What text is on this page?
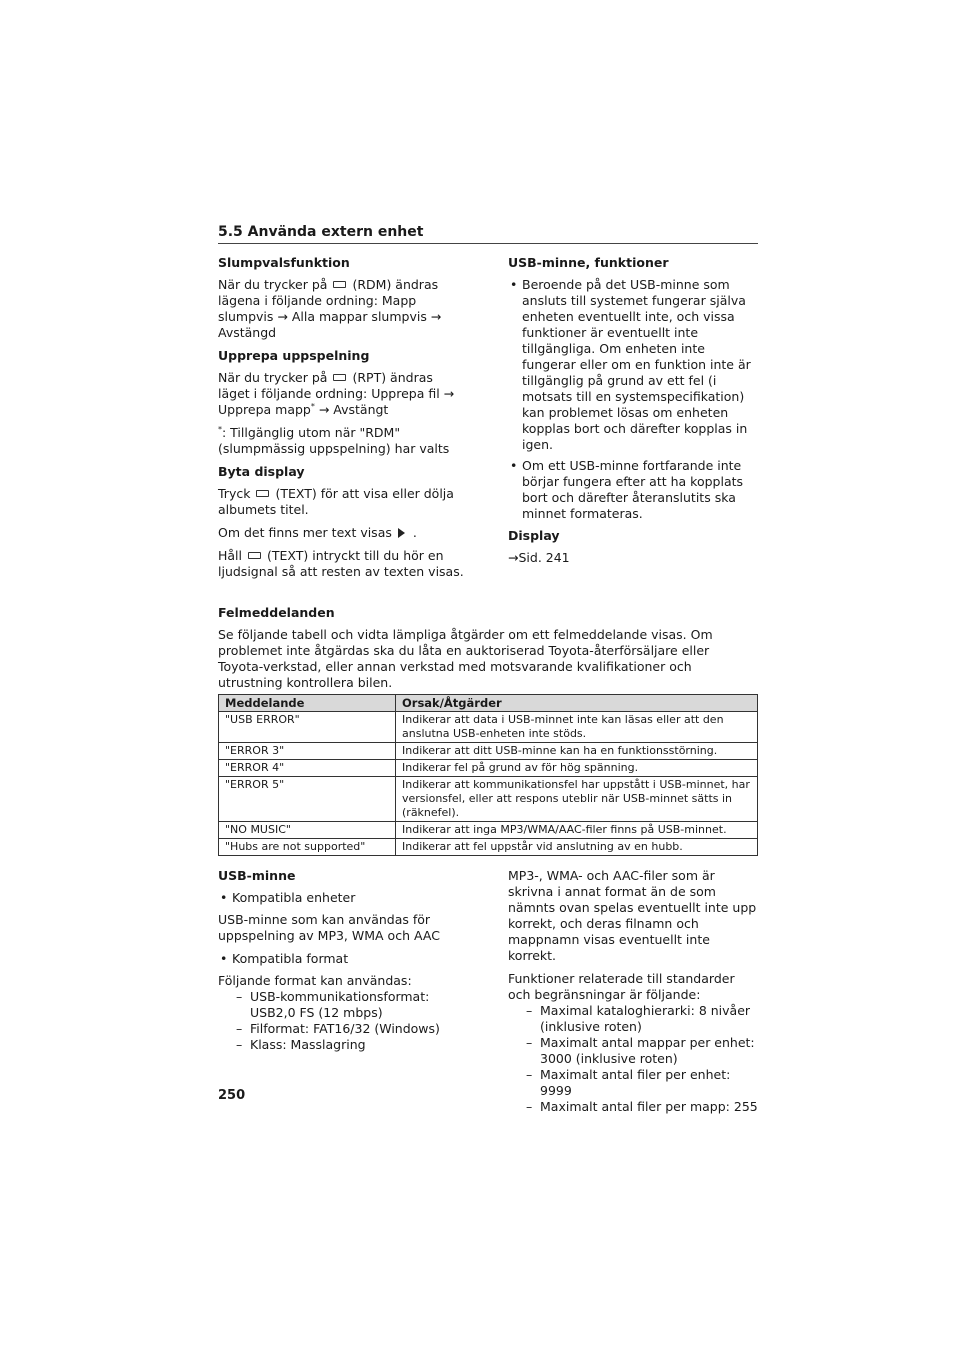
5.5 Använda extern enhet
Slumpvalsfunktion

När du trycker på (RDM) ändras lägena i följande ordning: Mapp slumpvis → Alla mappar slumpvis → Avstängd

Upprepa uppspelning

När du trycker på (RPT) ändras läget i följande ordning: Upprepa fil → Upprepa mapp* → Avstängt

*: Tillgänglig utom när "RDM" (slumpmässig uppspelning) har valts

Byta display

Tryck (TEXT) för att visa eller dölja albumets titel.

Om det finns mer text visas .

Håll (TEXT) intryckt till du hör en ljudsignal så att resten av texten visas.

USB-minne, funktioner
• Beroende på det USB-minne som ansluts till systemet fungerar själva enheten eventuellt inte, och vissa funktioner är eventuellt inte tillgängliga. Om enheten inte fungerar eller om en funktion inte är tillgänglig på grund av ett fel (i motsats till en systemspecifikation) kan problemet lösas om enheten kopplas bort och därefter kopplas in igen.
• Om ett USB-minne fortfarande inte börjar fungera efter att ha kopplats bort och därefter återanslutits ska minnet formateras.
Display

→Sid. 241

Felmeddelanden

Se följande tabell och vidta lämpliga åtgärder om ett felmeddelande visas. Om problemet inte åtgärdas ska du låta en auktoriserad Toyota-återförsäljare eller Toyota-verkstad, eller annan verkstad med motsvarande kvalifikationer och utrustning kontrollera bilen.

Meddelande	Orsak/Åtgärder
"USB ERROR"	Indikerar att data i USB-minnet inte kan läsas eller att den anslutna USB-enheten inte stöds.
"ERROR 3"	Indikerar att ditt USB-minne kan ha en funktionsstörning.
"ERROR 4"	Indikerar fel på grund av för hög spänning.
"ERROR 5"	Indikerar att kommunikationsfel har uppstått i USB-minnet, har versionsfel, eller att respons uteblir när USB-minnet sätts in (räknefel).
"NO MUSIC"	Indikerar att inga MP3/WMA/AAC-filer finns på USB-minnet.
"Hubs are not supported"	Indikerar att fel uppstår vid anslutning av en hubb.
USB-minne
• Kompatibla enheter

USB-minne som kan användas för uppspelning av MP3, WMA och AAC

• Kompatibla format

Följande format kan användas:

– USB-kommunikationsformat: USB2,0 FS (12 mbps)
– Filformat: FAT16/32 (Windows)
– Klass: Masslagring

MP3-, WMA- och AAC-filer som är skrivna i annat format än de som nämnts ovan spelas eventuellt inte upp korrekt, och deras filnamn och mappnamn visas eventuellt inte korrekt.

Funktioner relaterade till standarder och begränsningar är följande:

– Maximal kataloghierarki: 8 nivåer (inklusive roten)
– Maximalt antal mappar per enhet: 3000 (inklusive roten)
– Maximalt antal filer per enhet: 9999
– Maximalt antal filer per mapp: 255
250
